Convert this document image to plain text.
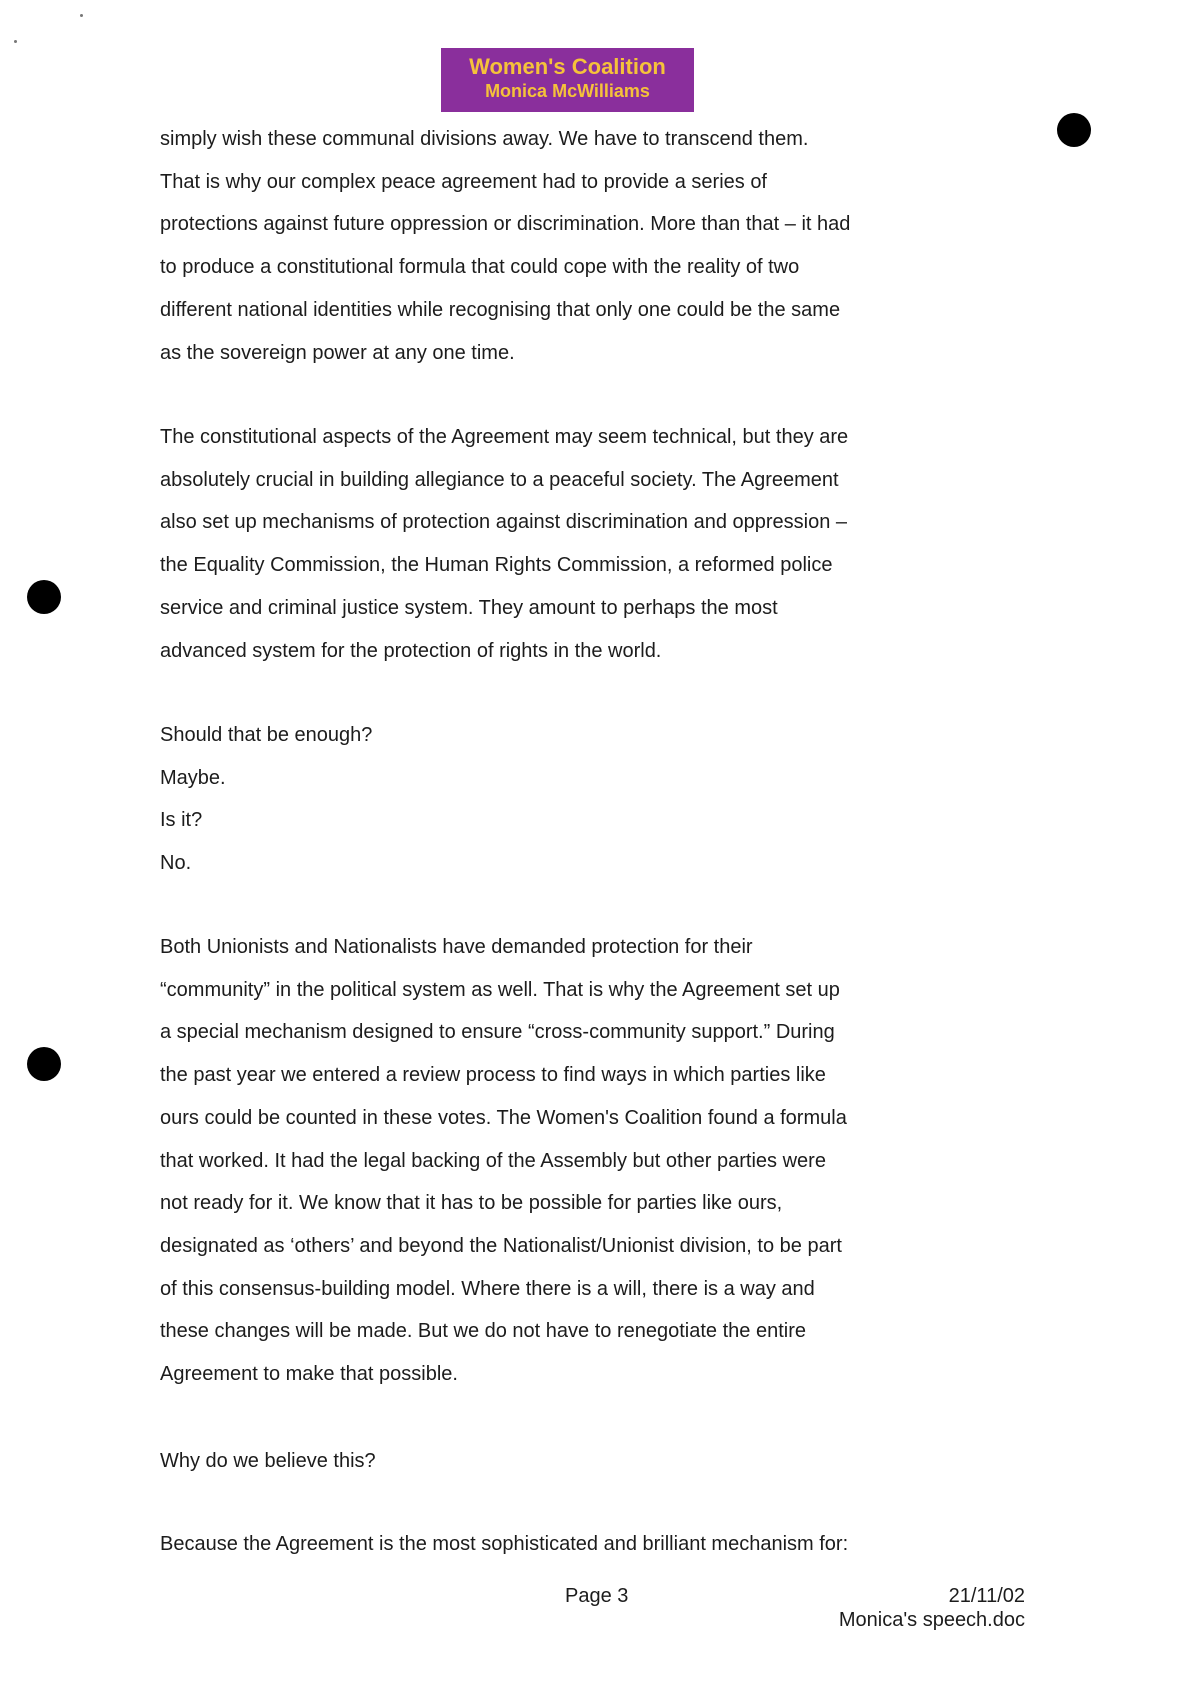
Women's Coalition
Monica McWilliams
simply wish these communal divisions away. We have to transcend them.
That is why our complex peace agreement had to provide a series of
protections against future oppression or discrimination. More than that – it had
to produce a constitutional formula that could cope with the reality of two
different national identities while recognising that only one could be the same
as the sovereign power at any one time.
The constitutional aspects of the Agreement may seem technical, but they are
absolutely crucial in building allegiance to a peaceful society. The Agreement
also set up mechanisms of protection against discrimination and oppression –
the Equality Commission, the Human Rights Commission, a reformed police
service and criminal justice system. They amount to perhaps the most
advanced system for the protection of rights in the world.
Should that be enough?
Maybe.
Is it?
No.
Both Unionists and Nationalists have demanded protection for their
“community” in the political system as well. That is why the Agreement set up
a special mechanism designed to ensure “cross-community support.” During
the past year we entered a review process to find ways in which parties like
ours could be counted in these votes. The Women's Coalition found a formula
that worked. It had the legal backing of the Assembly but other parties were
not ready for it. We know that it has to be possible for parties like ours,
designated as ‘others’ and beyond the Nationalist/Unionist division, to be part
of this consensus-building model. Where there is a will, there is a way and
these changes will be made. But we do not have to renegotiate the entire
Agreement to make that possible.
Why do we believe this?
Because the Agreement is the most sophisticated and brilliant mechanism for:
Page 3	21/11/02
Monica's speech.doc
